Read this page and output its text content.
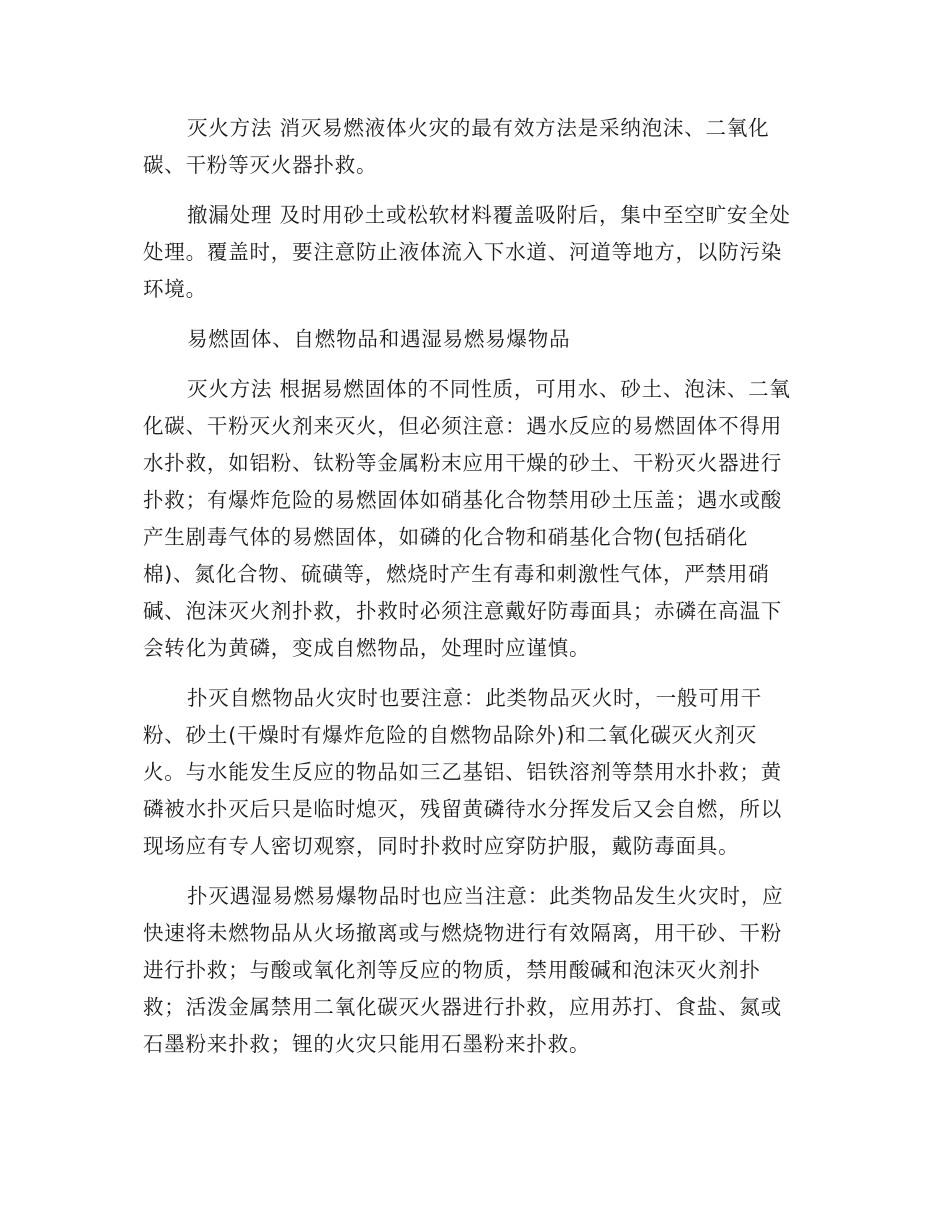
灭火方法 消灭易燃液体火灾的最有效方法是采纳泡沫、二氧化
碳、干粉等灭火器扑救。

撤漏处理 及时用砂土或松软材料覆盖吸附后，集中至空旷安全处
处理。覆盖时，要注意防止液体流入下水道、河道等地方，以防污染
环境。

易燃固体、自燃物品和遇湿易燃易爆物品

灭火方法 根据易燃固体的不同性质，可用水、砂土、泡沫、二氧
化碳、干粉灭火剂来灭火，但必须注意：遇水反应的易燃固体不得用
水扑救，如铝粉、钛粉等金属粉末应用干燥的砂土、干粉灭火器进行
扑救；有爆炸危险的易燃固体如硝基化合物禁用砂土压盖；遇水或酸
产生剧毒气体的易燃固体，如磷的化合物和硝基化合物(包括硝化
棉)、氮化合物、硫磺等，燃烧时产生有毒和刺激性气体，严禁用硝
碱、泡沫灭火剂扑救，扑救时必须注意戴好防毒面具；赤磷在高温下
会转化为黄磷，变成自燃物品，处理时应谨慎。

扑灭自燃物品火灾时也要注意：此类物品灭火时，一般可用干
粉、砂土(干燥时有爆炸危险的自燃物品除外)和二氧化碳灭火剂灭
火。与水能发生反应的物品如三乙基铝、铝铁溶剂等禁用水扑救；黄
磷被水扑灭后只是临时熄灭，残留黄磷待水分挥发后又会自燃，所以
现场应有专人密切观察，同时扑救时应穿防护服，戴防毒面具。

扑灭遇湿易燃易爆物品时也应当注意：此类物品发生火灾时，应
快速将未燃物品从火场撤离或与燃烧物进行有效隔离，用干砂、干粉
进行扑救；与酸或氧化剂等反应的物质，禁用酸碱和泡沫灭火剂扑
救；活泼金属禁用二氧化碳灭火器进行扑救，应用苏打、食盐、氮或
石墨粉来扑救；锂的火灾只能用石墨粉来扑救。
